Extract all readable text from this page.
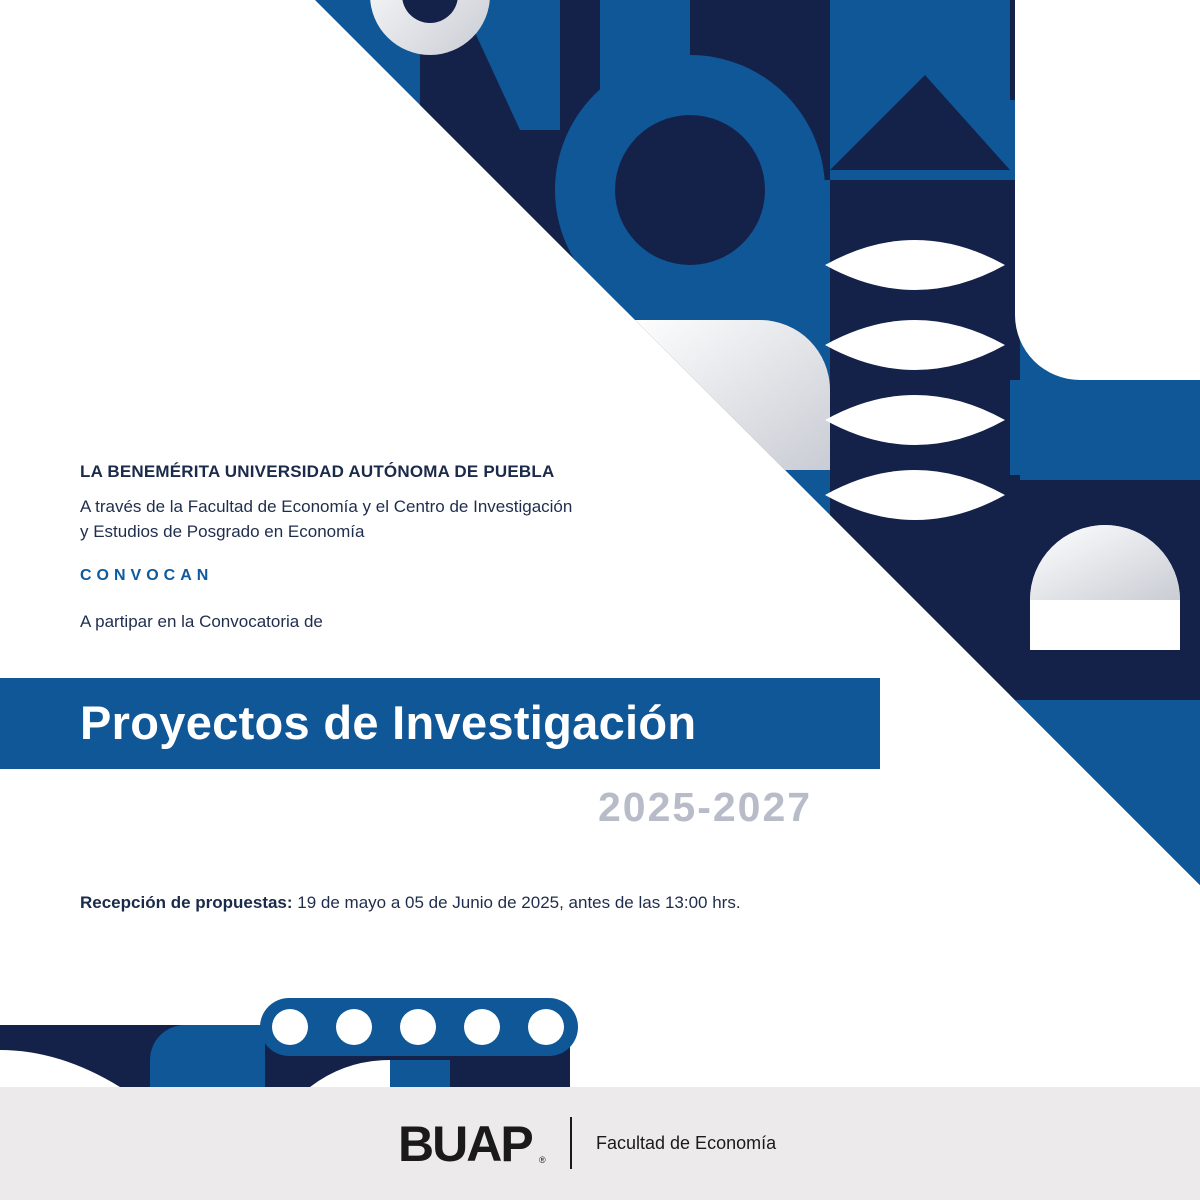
LA BENEMÉRITA UNIVERSIDAD AUTÓNOMA DE PUEBLA
A través de la Facultad de Economía y el Centro de Investigación
y Estudios de Posgrado en Economía
CONVOCAN
A partipar en la Convocatoria de
Proyectos de Investigación
2025-2027
Recepción de propuestas: 19 de mayo a 05 de Junio de 2025, antes de las 13:00 hrs.
BUAP ®
Facultad de Economía
